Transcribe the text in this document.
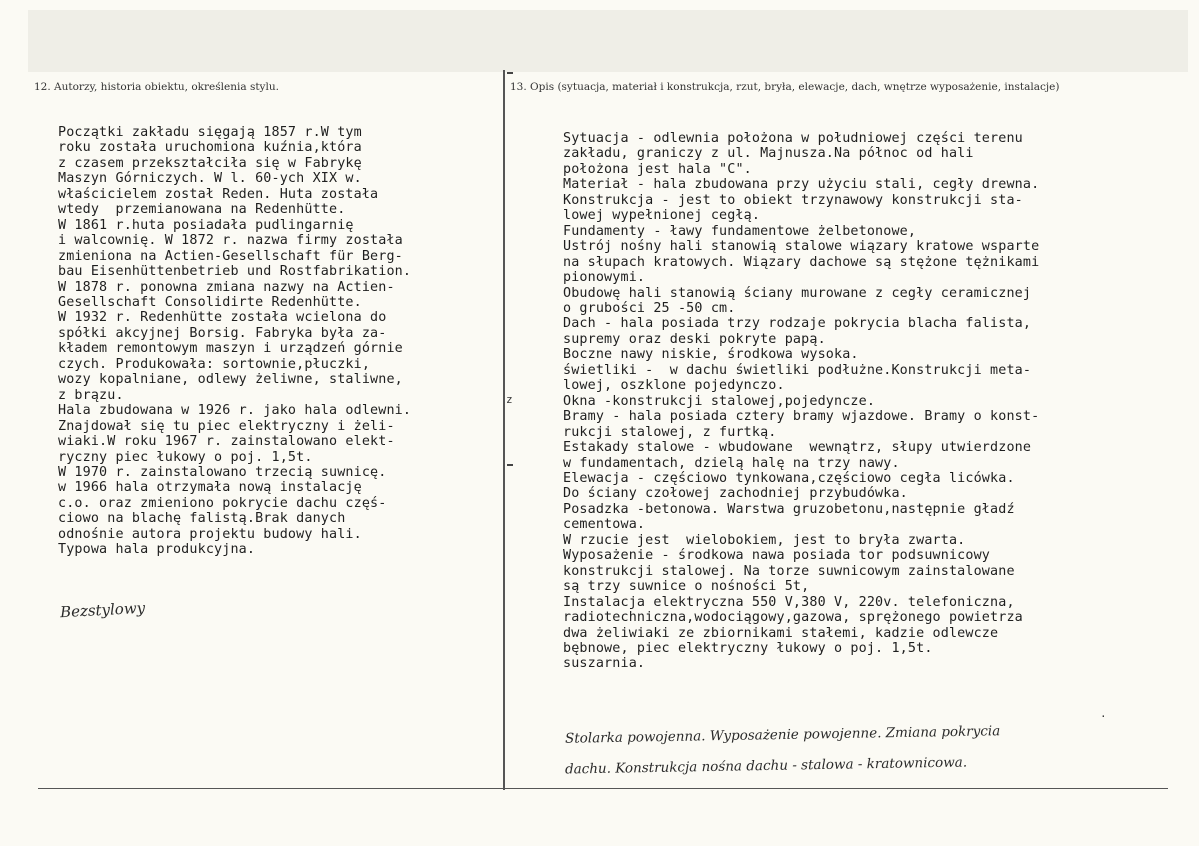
12. Autorzy, historia obiektu, określenia stylu.	13. Opis (sytuacja, materiał i konstrukcja, rzut, bryła, elewacje, dach, wnętrze wyposażenie, instalacje)
Początki zakładu sięgają 1857 r.W tym
roku została uruchomiona kuźnia,która
z czasem przekształciła się w Fabrykę
Maszyn Górniczych. W l. 60-ych XIX w.
właścicielem został Reden. Huta została
wtedy  przemianowana na Redenhütte.
W 1861 r.huta posiadała pudlingarnię
i walcownię. W 1872 r. nazwa firmy została
zmieniona na Actien-Gesellschaft für Berg-
bau Eisenhüttenbetrieb und Rostfabrikation.
W 1878 r. ponowna zmiana nazwy na Actien-
Gesellschaft Consolidirte Redenhütte.
W 1932 r. Redenhütte została wcielona do
spółki akcyjnej Borsig. Fabryka była za-
kładem remontowym maszyn i urządzeń górnie
czych. Produkowała: sortownie,płuczki,
wozy kopalniane, odlewy żeliwne, staliwne,
z brązu.
Hala zbudowana w 1926 r. jako hala odlewni.
Znajdował się tu piec elektryczny i żeli-
wiaki.W roku 1967 r. zainstalowano elekt-
ryczny piec łukowy o poj. 1,5t.
W 1970 r. zainstalowano trzecią suwnicę.
w 1966 hala otrzymała nową instalację
c.o. oraz zmieniono pokrycie dachu częś-
ciowo na blachę falistą.Brak danych
odnośnie autora projektu budowy hali.
Typowa hala produkcyjna.
Bezstylowy
z
.
Sytuacja - odlewnia położona w południowej części terenu
zakładu, graniczy z ul. Majnusza.Na północ od hali
położona jest hala "C".
Materiał - hala zbudowana przy użyciu stali, cegły drewna.
Konstrukcja - jest to obiekt trzynawowy konstrukcji sta-
lowej wypełnionej cegłą.
Fundamenty - ławy fundamentowe żelbetonowe,
Ustrój nośny hali stanowią stalowe wiązary kratowe wsparte
na słupach kratowych. Wiązary dachowe są stężone tężnikami
pionowymi.
Obudowę hali stanowią ściany murowane z cegły ceramicznej
o grubości 25 -50 cm.
Dach - hala posiada trzy rodzaje pokrycia blacha falista,
supremy oraz deski pokryte papą.
Boczne nawy niskie, środkowa wysoka.
świetliki -  w dachu świetliki podłużne.Konstrukcji meta-
lowej, oszklone pojedynczo.
Okna -konstrukcji stalowej,pojedyncze.
Bramy - hala posiada cztery bramy wjazdowe. Bramy o konst-
rukcji stalowej, z furtką.
Estakady stalowe - wbudowane  wewnątrz, słupy utwierdzone
w fundamentach, dzielą halę na trzy nawy.
Elewacja - częściowo tynkowana,częściowo cegła licówka.
Do ściany czołowej zachodniej przybudówka.
Posadzka -betonowa. Warstwa gruzobetonu,następnie gładź
cementowa.
W rzucie jest  wielobokiem, jest to bryła zwarta.
Wyposażenie - środkowa nawa posiada tor podsuwnicowy
konstrukcji stalowej. Na torze suwnicowym zainstalowane
są trzy suwnice o nośności 5t,
Instalacja elektryczna 550 V,380 V, 220v. telefoniczna,
radiotechniczna,wodociągowy,gazowa, sprężonego powietrza
dwa żeliwiaki ze zbiornikami stałemi, kadzie odlewcze
bębnowe, piec elektryczny łukowy o poj. 1,5t.
suszarnia.
Stolarka powojenna. Wyposażenie powojenne. Zmiana pokrycia
dachu. Konstrukcja nośna dachu - stalowa - kratownicowa.
